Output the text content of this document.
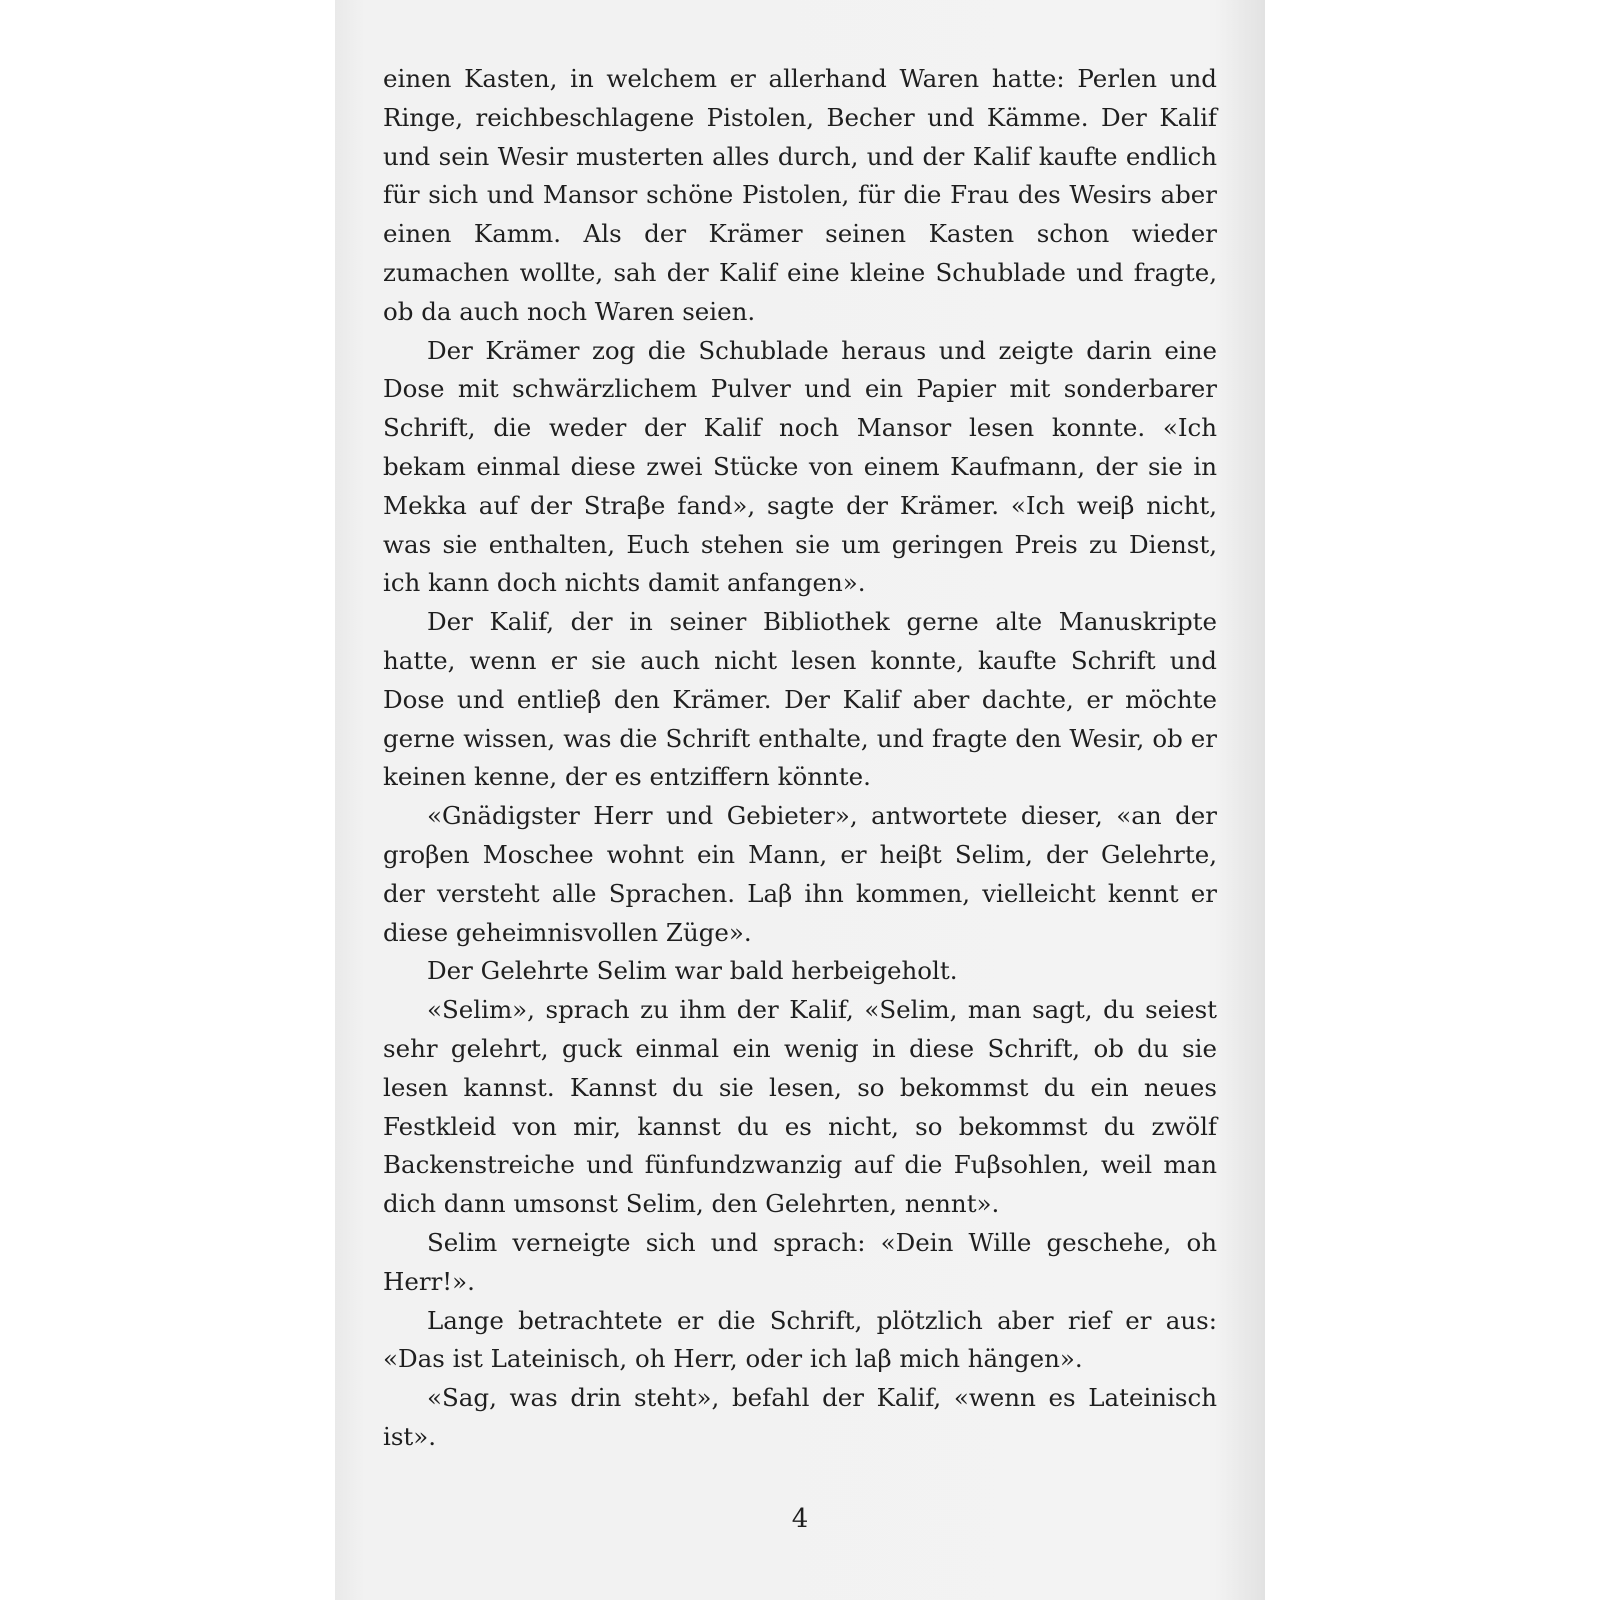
einen Kasten, in welchem er allerhand Waren hatte: Perlen und Ringe, reichbeschlagene Pistolen, Becher und Kämme. Der Kalif und sein Wesir musterten alles durch, und der Kalif kaufte endlich für sich und Mansor schöne Pistolen, für die Frau des Wesirs aber einen Kamm. Als der Krämer seinen Kasten schon wieder zumachen wollte, sah der Kalif eine kleine Schublade und fragte, ob da auch noch Waren seien.

Der Krämer zog die Schublade heraus und zeigte darin eine Dose mit schwärzlichem Pulver und ein Papier mit sonderbarer Schrift, die weder der Kalif noch Mansor lesen konnte. «Ich bekam einmal diese zwei Stücke von einem Kaufmann, der sie in Mekka auf der Straβe fand», sagte der Krämer. «Ich weiβ nicht, was sie enthalten, Euch stehen sie um geringen Preis zu Dienst, ich kann doch nichts damit anfangen».

Der Kalif, der in seiner Bibliothek gerne alte Manuskripte hatte, wenn er sie auch nicht lesen konnte, kaufte Schrift und Dose und entlieβ den Krämer. Der Kalif aber dachte, er möchte gerne wissen, was die Schrift enthalte, und fragte den Wesir, ob er keinen kenne, der es entziffern könnte.

«Gnädigster Herr und Gebieter», antwortete dieser, «an der groβen Moschee wohnt ein Mann, er heiβt Selim, der Gelehrte, der versteht alle Sprachen. Laβ ihn kommen, vielleicht kennt er diese geheimnisvollen Züge».

Der Gelehrte Selim war bald herbeigeholt.

«Selim», sprach zu ihm der Kalif, «Selim, man sagt, du seiest sehr gelehrt, guck einmal ein wenig in diese Schrift, ob du sie lesen kannst. Kannst du sie lesen, so bekommst du ein neues Festkleid von mir, kannst du es nicht, so bekommst du zwölf Backenstreiche und fünfundzwanzig auf die Fuβsohlen, weil man dich dann umsonst Selim, den Gelehrten, nennt».

Selim verneigte sich und sprach: «Dein Wille geschehe, oh Herr!».

Lange betrachtete er die Schrift, plötzlich aber rief er aus: «Das ist Lateinisch, oh Herr, oder ich laβ mich hängen».

«Sag, was drin steht», befahl der Kalif, «wenn es Lateinisch ist».

4
